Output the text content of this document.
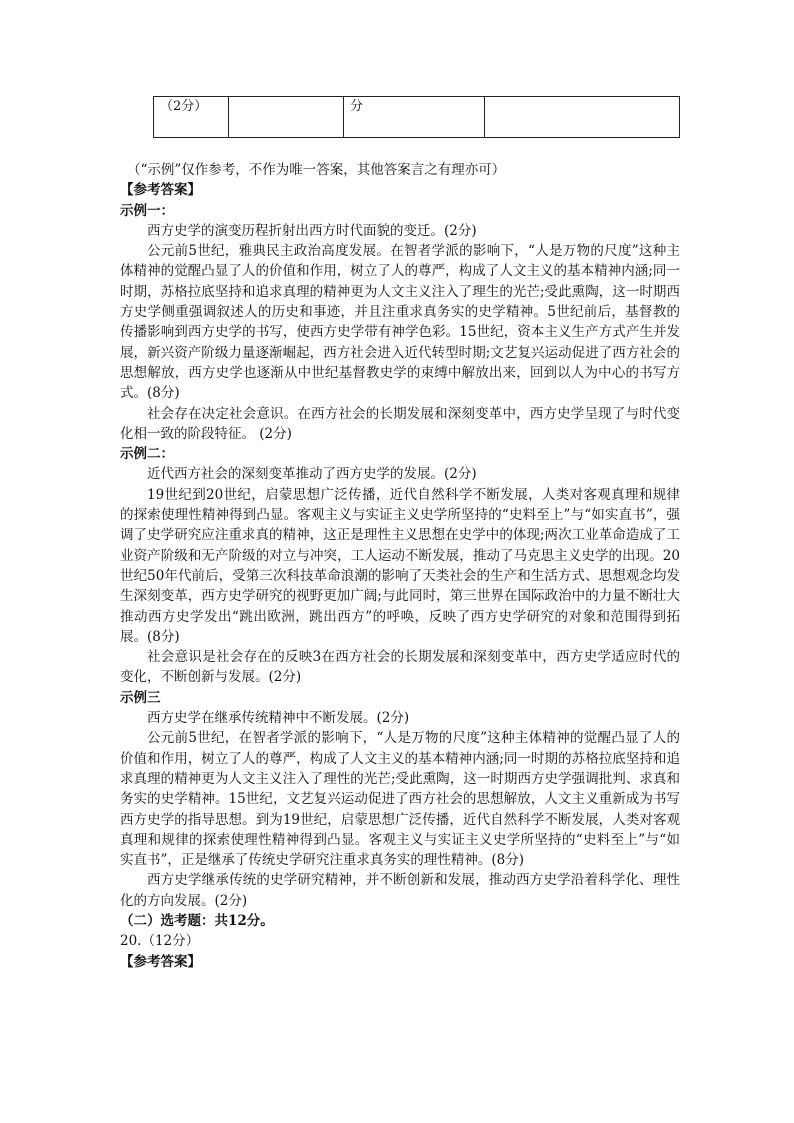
（2分）		分	

（“示例”仅作参考，不作为唯一答案，其他答案言之有理亦可）

【参考答案】

示例一：

西方史学的演变历程折射出西方时代面貌的变迁。(2分)

公元前5世纪，雅典民主政治高度发展。在智者学派的影响下，“人是万物的尺度”这种主体精神的觉醒凸显了人的价值和作用，树立了人的尊严，构成了人文主义的基本精神内涵;同一时期，苏格拉底坚持和追求真理的精神更为人文主义注入了理生的光芒;受此熏陶，这一时期西方史学侧重强调叙述人的历史和事迹，并且注重求真务实的史学精神。5世纪前后，基督教的传播影响到西方史学的书写，使西方史学带有神学色彩。15世纪，资本主义生产方式产生并发展，新兴资产阶级力量逐渐崛起，西方社会进入近代转型时期;文艺复兴运动促进了西方社会的思想解放，西方史学也逐渐从中世纪基督教史学的束缚中解放出来，回到以人为中心的书写方式。(8分)

社会存在决定社会意识。在西方社会的长期发展和深刻变革中，西方史学呈现了与时代变化相一致的阶段特征。 (2分)

示例二：

近代西方社会的深刻变革推动了西方史学的发展。(2分)

19世纪到20世纪，启蒙思想广泛传播，近代自然科学不断发展，人类对客观真理和规律的探索使理性精神得到凸显。客观主义与实证主义史学所坚持的“史料至上”与“如实直书”，强调了史学研究应注重求真的精神，这正是理性主义思想在史学中的体现;两次工业革命造成了工业资产阶级和无产阶级的对立与冲突，工人运动不断发展，推动了马克思主义史学的出现。20世纪50年代前后，受第三次科技革命浪潮的影响了天类社会的生产和生活方式、思想观念均发生深刻变革，西方史学研究的视野更加广阔;与此同时，第三世界在国际政治中的力量不断壮大推动西方史学发出“跳出欧洲，跳出西方”的呼唤，反映了西方史学研究的对象和范围得到拓展。(8分)

社会意识是社会存在的反映3在西方社会的长期发展和深刻变革中，西方史学适应时代的变化，不断创新与发展。(2分)

示例三

西方史学在继承传统精神中不断发展。(2分)

公元前5世纪，在智者学派的影响下，“人是万物的尺度”这种主体精神的觉醒凸显了人的价值和作用，树立了人的尊严，构成了人文主义的基本精神内涵;同一时期的苏格拉底坚持和追求真理的精神更为人文主义注入了理性的光芒;受此熏陶，这一时期西方史学强调批判、求真和务实的史学精神。15世纪，文艺复兴运动促进了西方社会的思想解放，人文主义重新成为书写西方史学的指导思想。到为19世纪，启蒙思想广泛传播，近代自然科学不断发展，人类对客观真理和规律的探索使理性精神得到凸显。客观主义与实证主义史学所坚持的“史料至上”与“如实直书”，正是继承了传统史学研究注重求真务实的理性精神。(8分)

西方史学继承传统的史学研究精神，并不断创新和发展，推动西方史学沿着科学化、理性化的方向发展。(2分)

（二）选考题：共12分。

20.（12分）

【参考答案】
